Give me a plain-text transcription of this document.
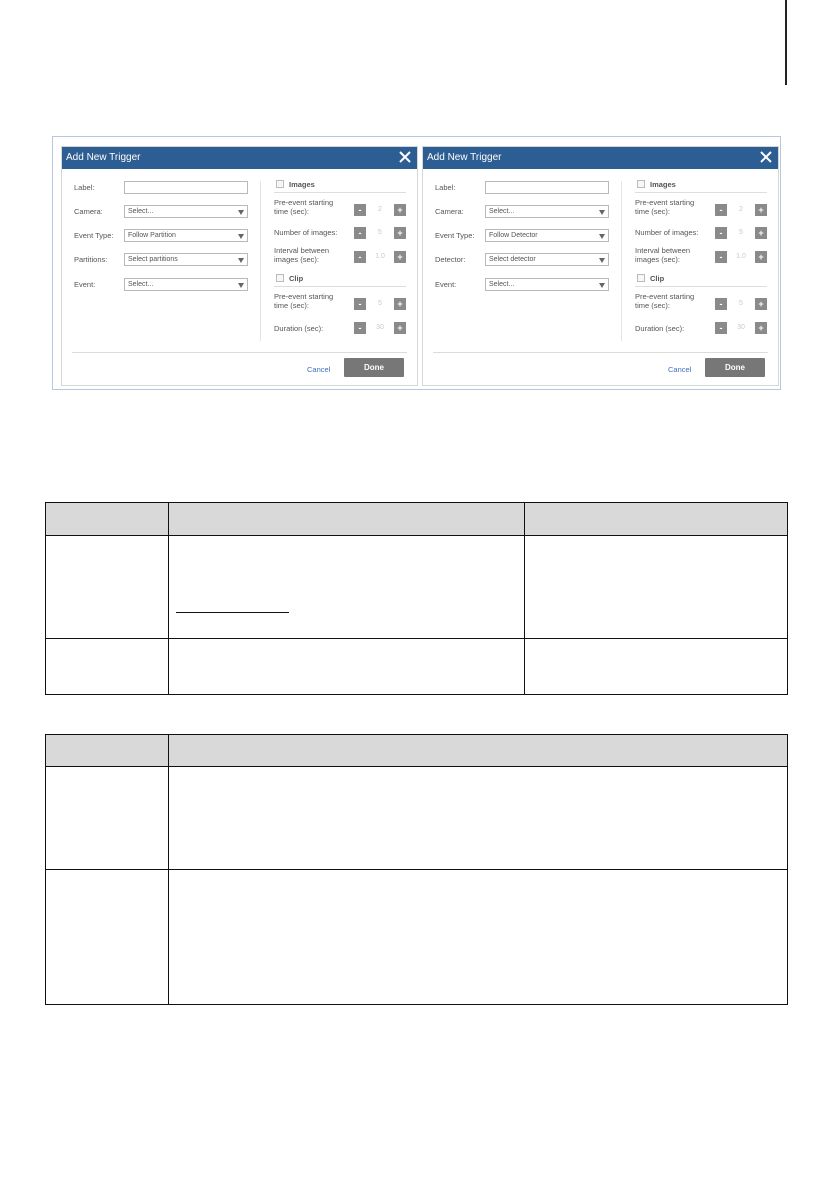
Add New Trigger
Label:
Camera:	Select...
Event Type: Follow Partition
Partitions:	Select partitions
Event:	Select...
Images
Pre-event starting time (sec):	-	2	+
Number of images:	-	5	+
Interval between images (sec):	-	1.0	+
Clip
Pre-event starting time (sec):	-	5	+
Duration (sec):	-	30	+
Cancel	Done
Add New Trigger
Label:
Camera:	Select...
Event Type: Follow Detector
Detector:	Select detector
Event:	Select...
Images
Pre-event starting time (sec):	-	2	+
Number of images:	-	5	+
Interval between images (sec):	-	1.0	+
Clip
Pre-event starting time (sec):	-	5	+
Duration (sec):	-	30	+
Cancel	Done
